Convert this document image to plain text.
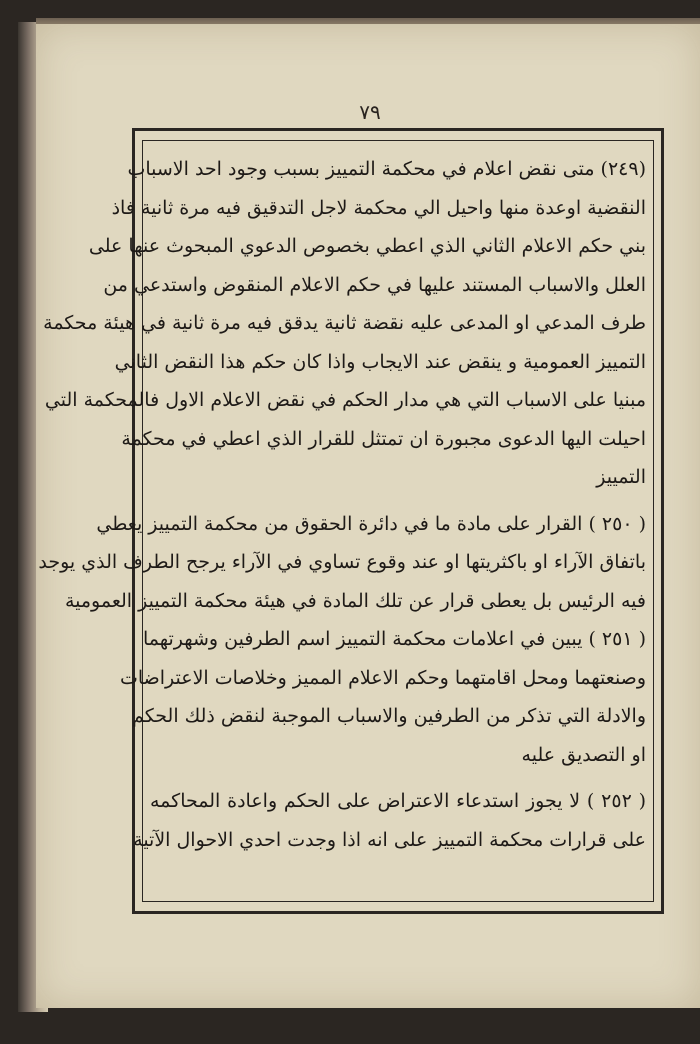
٧٩
(٢٤٩) متى نقض اعلام في محكمة التمييز بسبب وجود احد الاسباب
النقضية اوعدة منها واحيل الي محكمة لاجل التدقيق فيه مرة ثانية فاذ
بني حكم الاعلام الثاني الذي اعطي بخصوص الدعوي المبحوث عنها على
العلل والاسباب المستند عليها في حكم الاعلام المنقوض واستدعي من
طرف المدعي او المدعى عليه نقضة ثانية يدقق فيه مرة ثانية في هيئة محكمة
التمييز العمومية و ينقض عند الايجاب واذا كان حكم هذا النقض الثاني
مبنيا على الاسباب التي هي مدار الحكم في نقض الاعلام الاول فالمحكمة التي
احيلت اليها الدعوى مجبورة ان تمتثل للقرار الذي اعطي في محكمة
التمييز
( ٢٥٠ ) القرار على مادة ما في دائرة الحقوق من محكمة التمييز يعطي
باتفاق الآراء او باكثريتها او عند وقوع تساوي في الآراء يرجح الطرف الذي يوجد
فيه الرئيس بل يعطى قرار عن تلك المادة في هيئة محكمة التمييز العمومية
( ٢٥١ ) يبين في اعلامات محكمة التمييز اسم الطرفين وشهرتهما
وصنعتهما ومحل اقامتهما وحكم الاعلام المميز وخلاصات الاعتراضات
والادلة التي تذكر من الطرفين والاسباب الموجبة لنقض ذلك الحكم
او التصديق عليه
( ٢٥٢ ) لا يجوز استدعاء الاعتراض على الحكم واعادة المحاكمه
على قرارات محكمة التمييز على انه اذا وجدت احدي الاحوال الآتية
